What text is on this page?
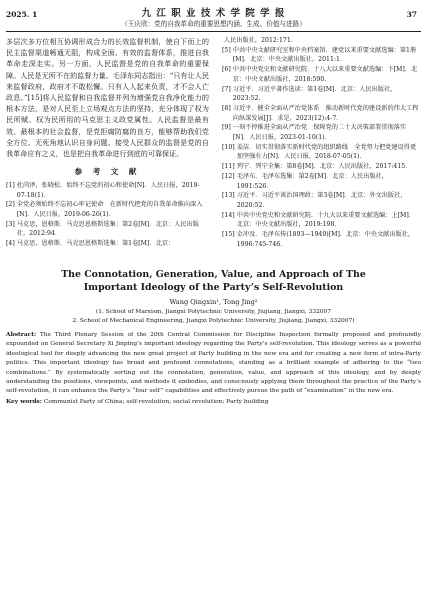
2025. 1	九 江 职 业 技 术 学 院 学 报
（王庆欣：党的自我革命的重要思想内涵、生成、价值与进路）
37

多层次多方位相互协调形成合力的长效监督机制，使自下而上的民主监督渠道畅通无阻，构成全面、有效的监督体系，推进自我革命走深走实。另一方面，人民监督是党的自我革命的重要保障。人民是无所不在的监督力量。毛泽东同志指出：“只有让人民来监督政府，政府才不敢松懈。只有人人起来负责，才不会人亡政息。”[15]将人民监督和自我监督并列为增强党自我净化能力的根本方法，是对人民至上立场观点方法的坚持，充分体现了权为民所赋、权为民所用的马克思主义政党属性。人民监督是最有效、最根本的社会监督，是党拒腐防腐的良方，能够帮助我们党全方位、无死角地认识自身问题。接受人民群众的监督是党的自我革命应有之义，也是把自我革命进行到底的可靠保证。

参 考 文 献
[1] 杜尚泽，张晓松．始终不忘党的初心和使命[N]．人民日报，2019-07-18(1)．
[2] 全党必须始终不忘初心牢记使命　在新时代把党的自我革命推向深入[N]．人民日报，2019-06-26(1)．
[3] 马克思，恩格斯．马克思恩格斯选集：第2卷[M]．北京：人民出版社，2012:94．
[4] 马克思，恩格斯．马克思恩格斯选集：第1卷[M]．北京：
人民出版社，2012:171．
[5] 中共中央文献研究室和中央档案馆．建党以来重要文献选编：第1册[M]．北京：中央文献出版社，2011:1．
[6] 中共中央党史和文献研究院．十八大以来重要文献选编：下[M]．北京：中央文献出版社，2018:590．
[7] 习近平．习近平著作选读：第1卷[M]．北京：人民出版社，2023:52．
[8] 习近平．健全全面从严治党体系　推动新时代党的建设新的伟大工程向纵深发展[J]．求是，2023(12):4-7．
[9] 一刻不停推进全面从严治党　保障党的二十大决策部署贯彻落实[N]．人民日报，2023-01-10(1)．
[10] 姜洁．切实贯彻落实新时代党的组织路线　全党努力把党建设得更加坚强有力[N]．人民日报，2018-07-05(1)．
[11] 列宁．列宁全集：第8卷[M]．北京：人民出版社，2017:415．
[12] 毛泽东．毛泽东选集：第2卷[M]．北京：人民出版社，1991:526．
[13] 习近平．习近平谈治国理政：第3卷[M]．北京：外文出版社，2020:52．
[14] 中共中央党史和文献研究院．十九大以来重要文献选编：上[M]．北京：中央文献出版社，2019:198．
[15] 金冲及．毛泽东传(1893—1949)[M]．北京：中央文献出版社，1996:745-746．
The Connotation, Generation, Value, and Approach of The
Important Ideology of the Party’s Self-Revolution
Wang Qingxin¹, Tong Jing²
(1. School of Marxism, Jiangxi Polytechnic University, Jiujiang, Jiangxi, 332007
2. School of Mechanical Engineering, Jiangxi Polytechnic University, Jiujiang, Jiangxi, 332007)
Abstract: The Third Plenary Session of the 20th Central Commission for Discipline Inspection formally proposed and profoundly expounded on General Secretary Xi Jinping’s important ideology regarding the Party’s self-revolution. This ideology serves as a powerful ideological tool for deeply advancing the new great project of Party building in the new era and for creating a new form of intra-Party politics. This important ideology has broad and profound connotations, standing as a brilliant example of adhering to the “two combinations.” By systematically sorting out the connotation, generation, value, and approach of this ideology, and by deeply understanding the positions, viewpoints, and methods it embodies, and consciously applying them throughout the practice of the Party’s self-revolution, it can enhance the Party’s “four self” capabilities and effectively pursue the path of “examination” in the new era.
Key words: Communist Party of China; self-revolution; social revolution; Party building
